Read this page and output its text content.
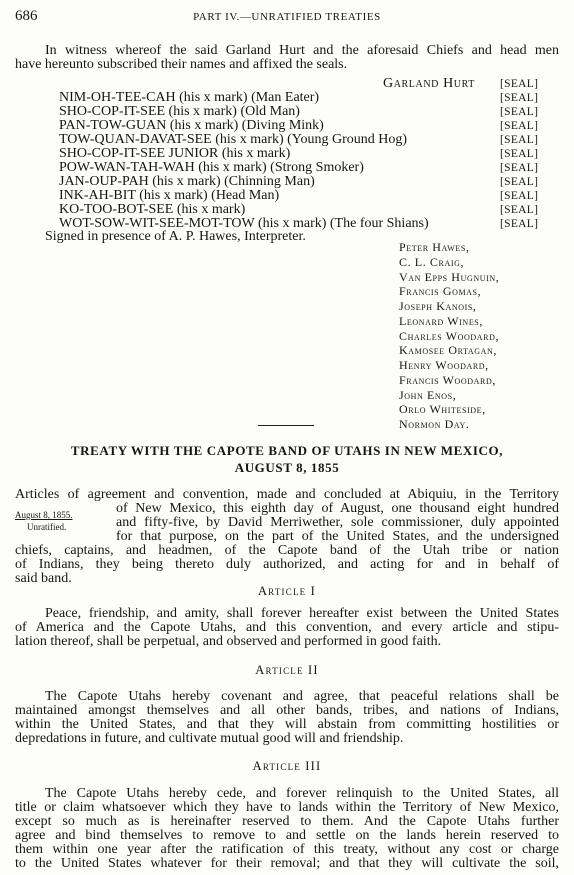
686	PART IV.—UNRATIFIED TREATIES
In witness whereof the said Garland Hurt and the aforesaid Chiefs and head men
have hereunto subscribed their names and affixed the seals.
Garland Hurt [SEAL]
NIM-OH-TEE-CAH (his x mark) (Man Eater)	[SEAL]
SHO-COP-IT-SEE (his x mark) (Old Man)	[SEAL]
PAN-TOW-GUAN (his x mark) (Diving Mink)	[SEAL]
TOW-QUAN-DAVAT-SEE (his x mark) (Young Ground Hog)	[SEAL]
SHO-COP-IT-SEE JUNIOR (his x mark)	[SEAL]
POW-WAN-TAH-WAH (his x mark) (Strong Smoker)	[SEAL]
JAN-OUP-PAH (his x mark) (Chinning Man)	[SEAL]
INK-AH-BIT (his x mark) (Head Man)	[SEAL]
KO-TOO-BOT-SEE (his x mark)	[SEAL]
WOT-SOW-WIT-SEE-MOT-TOW (his x mark) (The four Shians)	[SEAL]
Signed in presence of A. P. Hawes, Interpreter.
Peter Hawes,
C. L. Craig,
Van Epps Hugnuin,
Francis Gomas,
Joseph Kanois,
Leonard Wines,
Charles Woodard,
Kamosee Ortagan,
Henry Woodard,
Francis Woodard,
John Enos,
Orlo Whiteside,
Normon Day.
TREATY WITH THE CAPOTE BAND OF UTAHS IN NEW MEXICO,
AUGUST 8, 1855
Articles of agreement and convention, made and concluded at Abiquiu, in the Territory
August 8, 1855.
Unratified.
of New Mexico, this eighth day of August, one thousand eight hundred
and fifty-five, by David Merriwether, sole commissioner, duly appointed
for that purpose, on the part of the United States, and the undersigned
chiefs, captains, and headmen, of the Capote band of the Utah tribe or nation
of Indians, they being thereto duly authorized, and acting for and in behalf of
said band.
Article I
Peace, friendship, and amity, shall forever hereafter exist between the United States
of America and the Capote Utahs, and this convention, and every article and stipu-
lation thereof, shall be perpetual, and observed and performed in good faith.
Article II
The Capote Utahs hereby covenant and agree, that peaceful relations shall be
maintained amongst themselves and all other bands, tribes, and nations of Indians,
within the United States, and that they will abstain from committing hostilities or
depredations in future, and cultivate mutual good will and friendship.
Article III
The Capote Utahs hereby cede, and forever relinquish to the United States, all
title or claim whatsoever which they have to lands within the Territory of New Mexico,
except so much as is hereinafter reserved to them. And the Capote Utahs further
agree and bind themselves to remove to and settle on the lands herein reserved to
them within one year after the ratification of this treaty, without any cost or charge
to the United States whatever for their removal; and that they will cultivate the soil,
